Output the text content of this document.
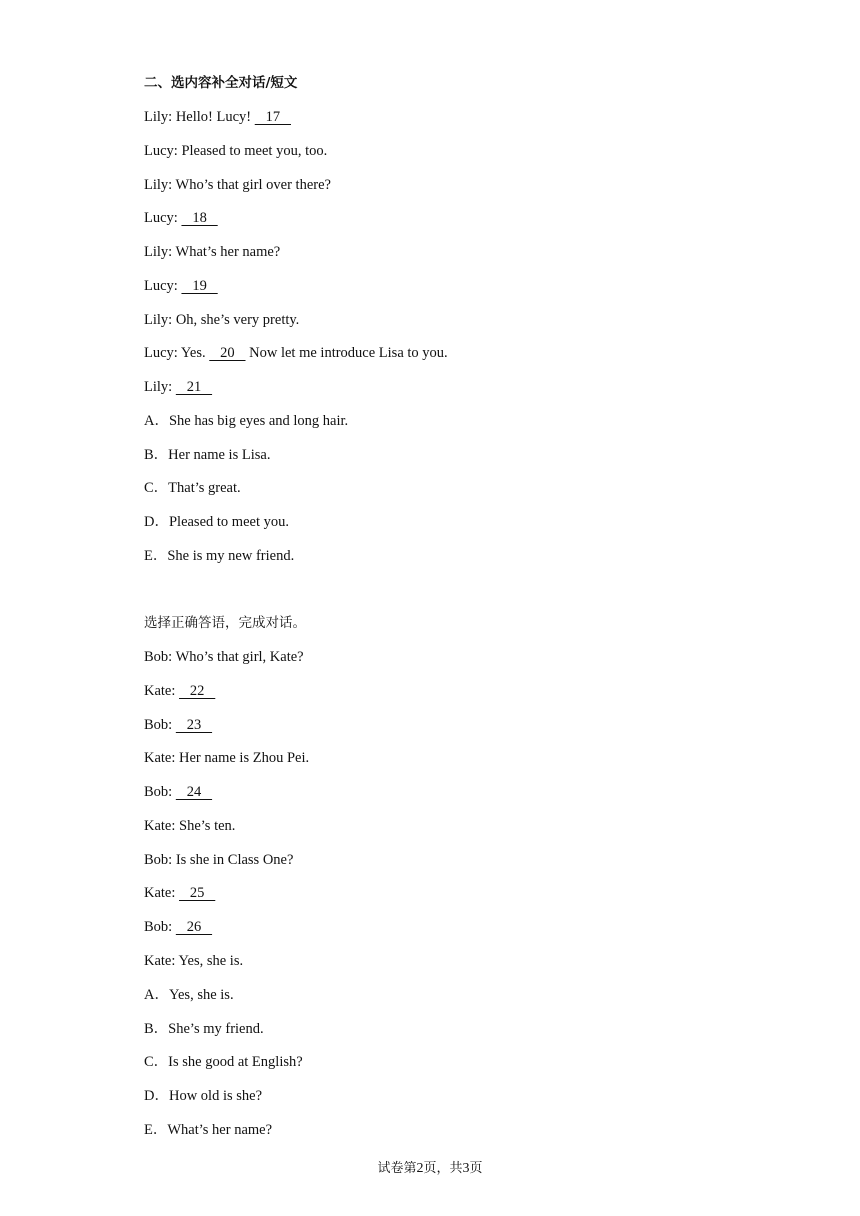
二、选内容补全对话/短文
Lily: Hello! Lucy!    17
Lucy: Pleased to meet you, too.
Lily: Who’s that girl over there?
Lucy:    18
Lily: What’s her name?
Lucy:    19
Lily: Oh, she’s very pretty.
Lucy: Yes.    20    Now let me introduce Lisa to you.
Lily:    21
A．She has big eyes and long hair.
B．Her name is Lisa.
C．That’s great.
D．Pleased to meet you.
E．She is my new friend.
选择正确答语，完成对话。
Bob: Who’s that girl, Kate?
Kate:    22
Bob:    23
Kate: Her name is Zhou Pei.
Bob:    24
Kate: She’s ten.
Bob: Is she in Class One?
Kate:    25
Bob:    26
Kate: Yes, she is.
A．Yes, she is.
B．She’s my friend.
C．Is she good at English?
D．How old is she?
E．What’s her name?
试卷第2页，共3页
